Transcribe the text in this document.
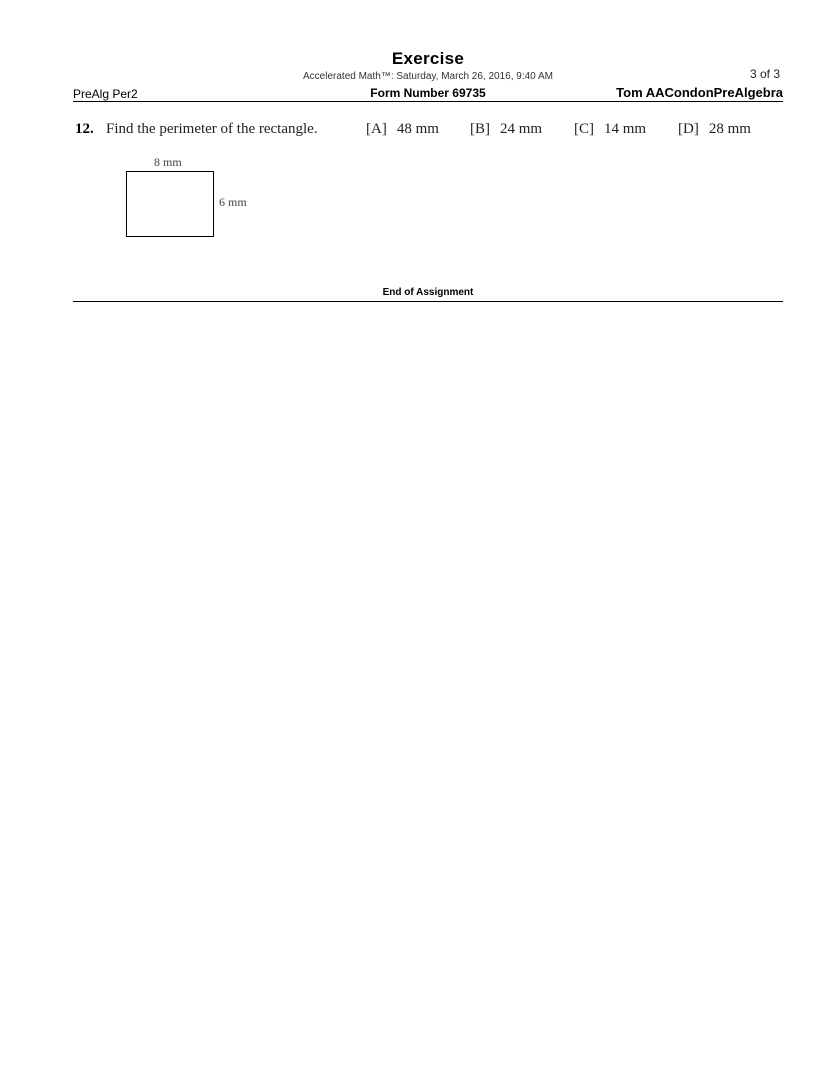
Exercise
Accelerated Math™: Saturday, March 26, 2016, 9:40 AM	3 of 3
PreAlg Per2	Form Number 69735	Tom AACondonPreAlgebra
12. Find the perimeter of the rectangle.	[A] 48 mm [B] 24 mm [C] 14 mm [D] 28 mm
8 mm
6 mm
End of Assignment
